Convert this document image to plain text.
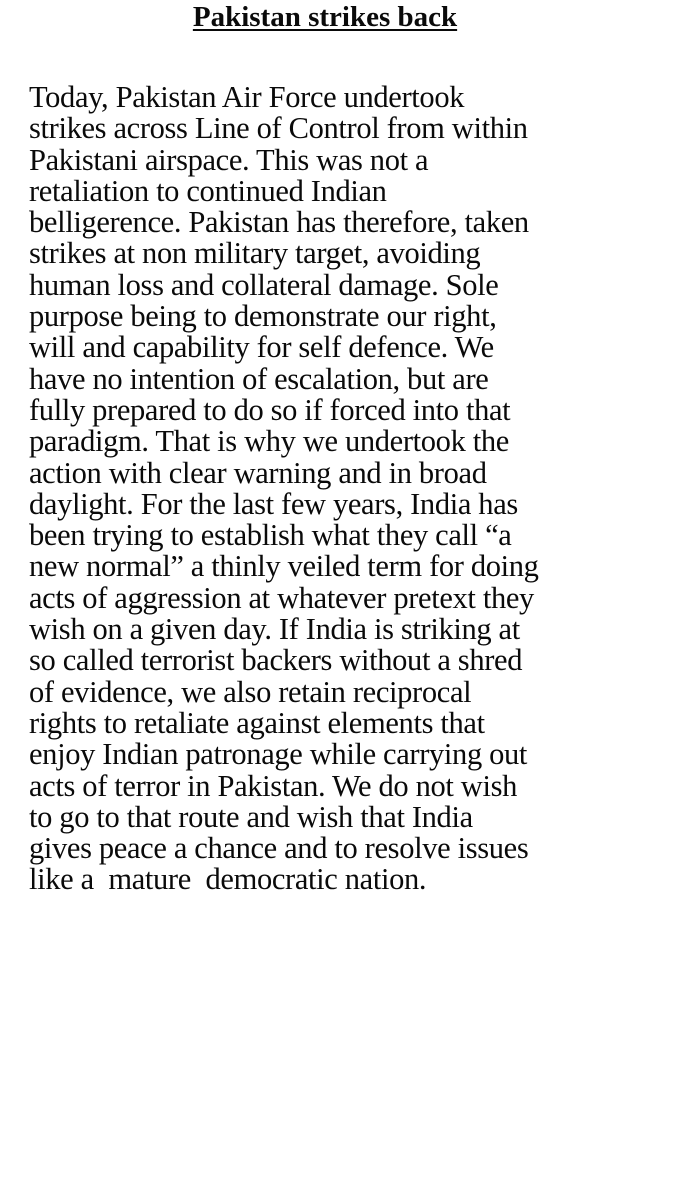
Pakistan strikes back

Today, Pakistan Air Force undertook
strikes across Line of Control from within
Pakistani airspace. This was not a
retaliation to continued Indian
belligerence. Pakistan has therefore, taken
strikes at non military target, avoiding
human loss and collateral damage. Sole
purpose being to demonstrate our right,
will and capability for self defence. We
have no intention of escalation, but are
fully prepared to do so if forced into that
paradigm. That is why we undertook the
action with clear warning and in broad
daylight. For the last few years, India has
been trying to establish what they call “a
new normal” a thinly veiled term for doing
acts of aggression at whatever pretext they
wish on a given day. If India is striking at
so called terrorist backers without a shred
of evidence, we also retain reciprocal
rights to retaliate against elements that
enjoy Indian patronage while carrying out
acts of terror in Pakistan. We do not wish
to go to that route and wish that India
gives peace a chance and to resolve issues
like a  mature  democratic nation.
